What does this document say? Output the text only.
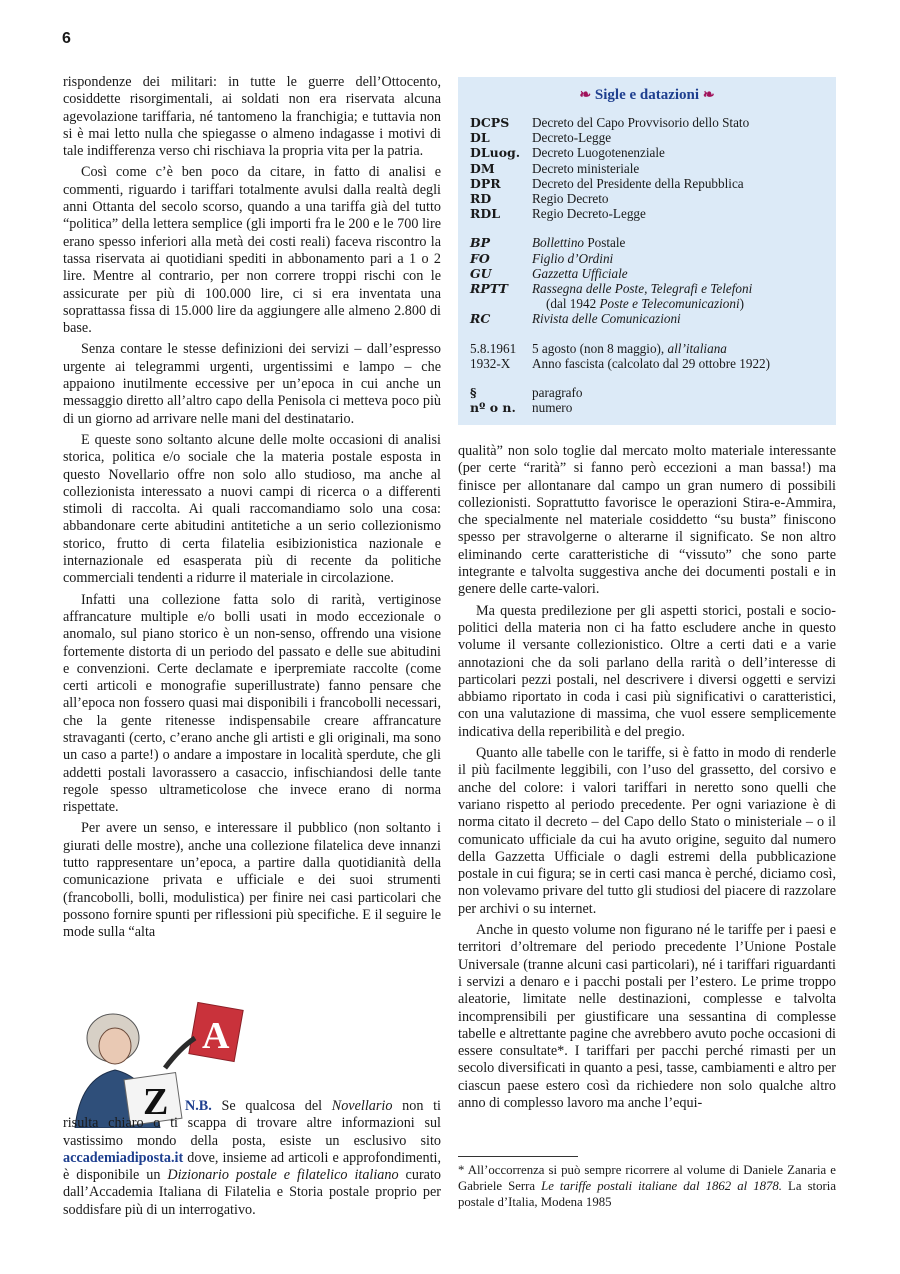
6

rispondenze dei militari: in tutte le guerre dell’Ottocento, cosiddette risorgimentali, ai soldati non era riservata alcuna agevolazione tariffaria, né tantomeno la franchigia; e tuttavia non si è mai letto nulla che spiegasse o almeno indagasse i motivi di tale indifferenza verso chi rischiava la propria vita per la patria.

Così come c’è ben poco da citare, in fatto di analisi e commenti, riguardo i tariffari totalmente avulsi dalla realtà degli anni Ottanta del secolo scorso, quando a una tariffa già del tutto “politica” della lettera semplice (gli importi fra le 200 e le 700 lire erano spesso inferiori alla metà dei costi reali) faceva riscontro la tassa riservata ai quotidiani spediti in abbonamento pari a 1 o 2 lire. Mentre al contrario, per non correre troppi rischi con le assicurate per più di 100.000 lire, ci si era inventata una soprattassa fissa di 15.000 lire da aggiungere alle almeno 2.800 di base.

Senza contare le stesse definizioni dei servizi – dall’espresso urgente ai telegrammi urgenti, urgentissimi e lampo – che appaiono inutilmente eccessive per un’epoca in cui anche un messaggio diretto all’altro capo della Penisola ci metteva poco più di un giorno ad arrivare nelle mani del destinatario.

E queste sono soltanto alcune delle molte occasioni di analisi storica, politica e/o sociale che la materia postale esposta in questo Novellario offre non solo allo studioso, ma anche al collezionista interessato a nuovi campi di ricerca o a differenti stimoli di raccolta. Ai quali raccomandiamo solo una cosa: abbandonare certe abitudini antitetiche a un serio collezionismo storico, frutto di certa filatelia esibizionistica nazionale e internazionale ed esasperata più di recente da politiche commerciali tendenti a ridurre il materiale in circolazione.

Infatti una collezione fatta solo di rarità, vertiginose affrancature multiple e/o bolli usati in modo eccezionale o anomalo, sul piano storico è un non-senso, offrendo una visione fortemente distorta di un periodo del passato e delle sue abitudini e convenzioni. Certe declamate e iperpremiate raccolte (come certi articoli e monografie superillustrate) fanno pensare che all’epoca non fossero quasi mai disponibili i francobolli necessari, che la gente ritenesse indispensabile creare affrancature stravaganti (certo, c’erano anche gli artisti e gli originali, ma sono un caso a parte!) o andare a impostare in località sperdute, che gli addetti postali lavorassero a casaccio, infischiandosi delle tante regole spesso ultrameticolose che invece erano di norma rispettate.

Per avere un senso, e interessare il pubblico (non soltanto i giurati delle mostre), anche una collezione filatelica deve innanzi tutto rappresentare un’epoca, a partire dalla quotidianità della comunicazione privata e ufficiale e dei suoi strumenti (francobolli, bolli, modulistica) per finire nei casi particolari che possono fornire spunti per riflessioni più specifiche. E il seguire le mode sulla “alta

❧ Sigle e datazioni ❧
DCPS	Decreto del Capo Provvisorio dello Stato
DL	Decreto-Legge
DLuog. Decreto Luogotenenziale
DM	Decreto ministeriale
DPR	Decreto del Presidente della Repubblica
RD	Regio Decreto
RDL	Regio Decreto-Legge
BP	Bollettino Postale
FO	Figlio d’Ordini
GU	Gazzetta Ufficiale
RPTT	Rassegna delle Poste, Telegrafi e Telefoni
(dal 1942 Poste e Telecomunicazioni)
RC	Rivista delle Comunicazioni
5.8.1961	5 agosto (non 8 maggio), all’italiana
1932-X	Anno fascista (calcolato dal 29 ottobre 1922)
§	paragrafo
nº o n.	numero

qualità” non solo toglie dal mercato molto materiale interessante (per certe “rarità” si fanno però eccezioni a man bassa!) ma finisce per allontanare dal campo un gran numero di possibili collezionisti. Soprattutto favorisce le operazioni Stira-e-Ammira, che specialmente nel materiale cosiddetto “su busta” finiscono spesso per stravolgerne o alterarne il significato. Se non altro eliminando certe caratteristiche di “vissuto” che sono parte integrante e talvolta suggestiva anche dei documenti postali e in genere delle carte-valori.

Ma questa predilezione per gli aspetti storici, postali e socio-politici della materia non ci ha fatto escludere anche in questo volume il versante collezionistico. Oltre a certi dati e a varie annotazioni che da soli parlano della rarità o dell’interesse di particolari pezzi postali, nel descrivere i diversi oggetti e servizi abbiamo riportato in coda i casi più significativi o caratteristici, con una valutazione di massima, che vuol essere semplicemente indicativa della reperibilità e del pregio.

Quanto alle tabelle con le tariffe, si è fatto in modo di renderle il più facilmente leggibili, con l’uso del grassetto, del corsivo e anche del colore: i valori tariffari in neretto sono quelli che variano rispetto al periodo precedente. Per ogni variazione è di norma citato il decreto – del Capo dello Stato o ministeriale – o il comunicato ufficiale da cui ha avuto origine, seguito dal numero della Gazzetta Ufficiale o dagli estremi della pubblicazione postale in cui figura; se in certi casi manca è perché, diciamo così, non volevamo privare del tutto gli studiosi del piacere di razzolare per archivi o su internet.

Anche in questo volume non figurano né le tariffe per i paesi e territori d’oltremare del periodo precedente l’Unione Postale Universale (tranne alcuni casi particolari), né i tariffari riguardanti i servizi a denaro e i pacchi postali per l’estero. Le prime troppo aleatorie, limitate nelle destinazioni, complesse e talvolta incomprensibili per giustificare una sessantina di complesse tabelle e altrettante pagine che avrebbero avuto poche occasioni di essere consultate*. I tariffari per pacchi perché rimasti per un secolo diversificati in quanto a pesi, tasse, cambiamenti e altro per ciascun paese estero così da richiedere non solo qualche altro anno di complesso lavoro ma anche l’equi-

Z
A
N.B. Se qualcosa del Novellario non ti risulta chiaro o ti scappa di trovare altre informazioni sul vastissimo mondo della posta, esiste un esclusivo sito accademiadiposta.it dove, insieme ad articoli e approfondimenti, è disponibile un Dizionario postale e filatelico italiano curato dall’Accademia Italiana di Filatelia e Storia postale proprio per soddisfare più di un interrogativo.
* All’occorrenza si può sempre ricorrere al volume di Daniele Zanaria e Gabriele Serra Le tariffe postali italiane dal 1862 al 1878. La storia postale d’Italia, Modena 1985
